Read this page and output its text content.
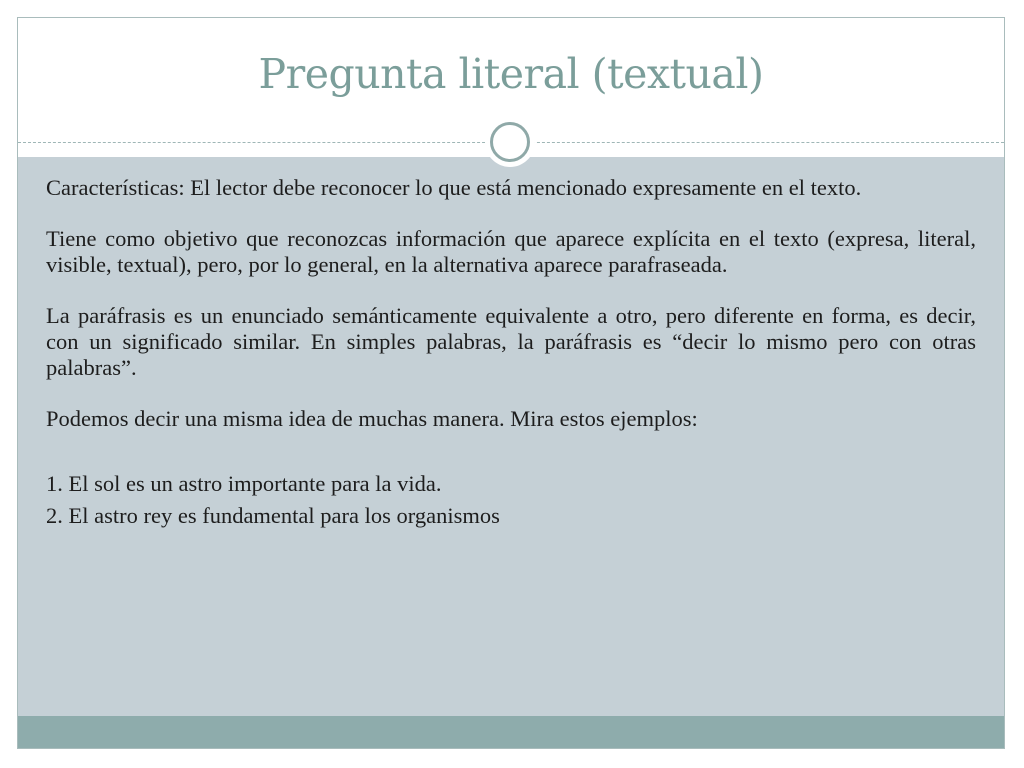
Pregunta literal (textual)

Características: El lector debe reconocer lo que está mencionado expresamente en el texto.

Tiene como objetivo que reconozcas información que aparece explícita en el texto (expresa, literal, visible, textual), pero, por lo general, en la alternativa aparece parafraseada.

La paráfrasis es un enunciado semánticamente equivalente a otro, pero diferente en forma, es decir, con un significado similar. En simples palabras, la paráfrasis es “decir lo mismo pero con otras palabras”.

Podemos decir una misma idea de muchas manera. Mira estos ejemplos:

1. El sol es un astro importante para la vida.

2. El astro rey es fundamental para los organismos
